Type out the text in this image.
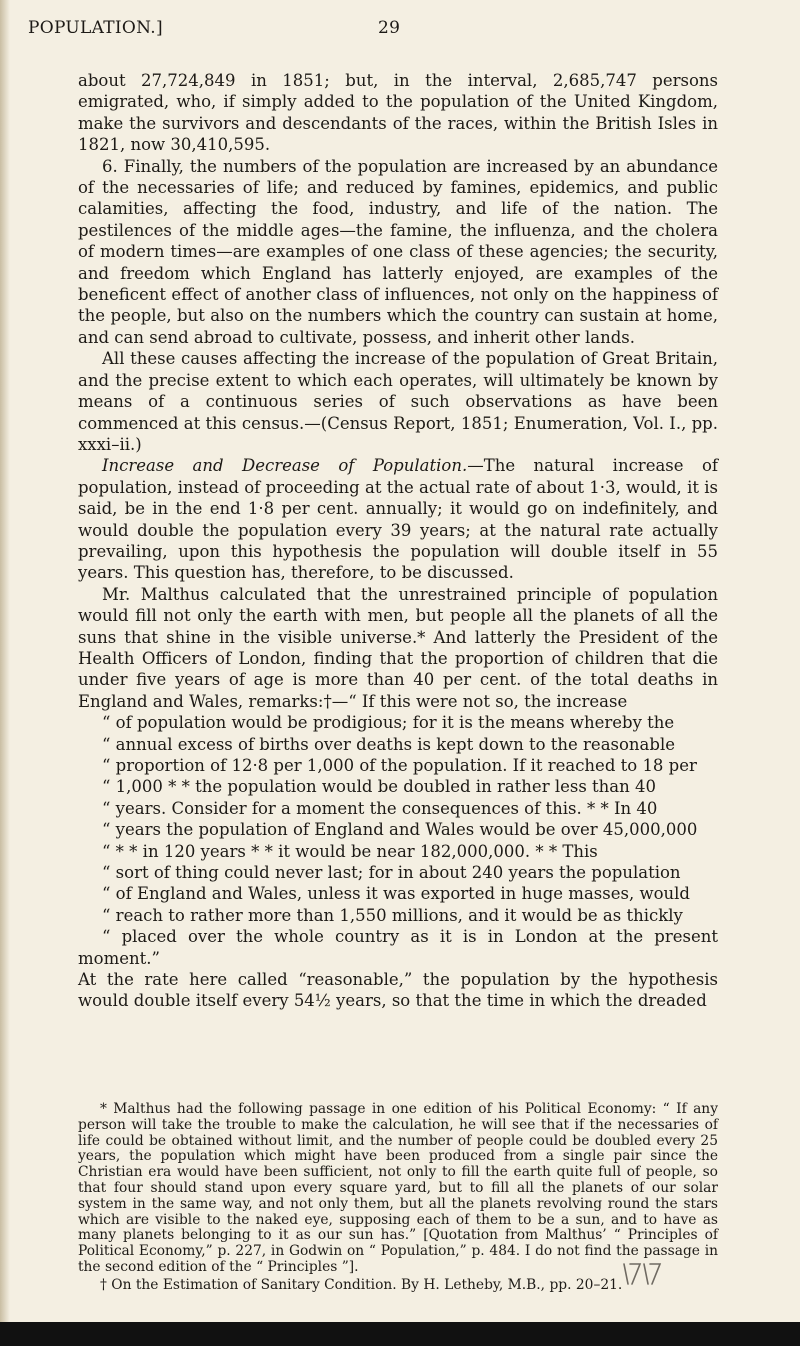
POPULATION.]	29

about 27,724,849 in 1851; but, in the interval, 2,685,747 persons emigrated, who, if simply added to the population of the United Kingdom, make the survivors and descendants of the races, within the British Isles in 1821, now 30,410,595.

6. Finally, the numbers of the population are increased by an abundance of the necessaries of life; and reduced by famines, epidemics, and public calamities, affecting the food, industry, and life of the nation. The pestilences of the middle ages—the famine, the influenza, and the cholera of modern times—are examples of one class of these agencies; the security, and freedom which England has latterly enjoyed, are examples of the beneficent effect of another class of influences, not only on the happiness of the people, but also on the numbers which the country can sustain at home, and can send abroad to cultivate, possess, and inherit other lands.

All these causes affecting the increase of the population of Great Britain, and the precise extent to which each operates, will ultimately be known by means of a continuous series of such observations as have been commenced at this census.—(Census Report, 1851; Enumeration, Vol. I., pp. xxxi–ii.)

Increase and Decrease of Population.—The natural increase of population, instead of proceeding at the actual rate of about 1·3, would, it is said, be in the end 1·8 per cent. annually; it would go on indefinitely, and would double the population every 39 years; at the natural rate actually prevailing, upon this hypothesis the population will double itself in 55 years. This question has, therefore, to be discussed.

Mr. Malthus calculated that the unrestrained principle of population would fill not only the earth with men, but people all the planets of all the suns that shine in the visible universe.* And latterly the President of the Health Officers of London, finding that the proportion of children that die under five years of age is more than 40 per cent. of the total deaths in England and Wales, remarks:†—“ If this were not so, the increase
“ of population would be prodigious; for it is the means whereby the
“ annual excess of births over deaths is kept down to the reasonable
“ proportion of 12·8 per 1,000 of the population. If it reached to 18 per
“ 1,000 * * the population would be doubled in rather less than 40
“ years. Consider for a moment the consequences of this. * * In 40
“ years the population of England and Wales would be over 45,000,000
“ * * in 120 years * * it would be near 182,000,000. * * This
“ sort of thing could never last; for in about 240 years the population
“ of England and Wales, unless it was exported in huge masses, would
“ reach to rather more than 1,550 millions, and it would be as thickly
“ placed over the whole country as it is in London at the present moment.”
At the rate here called “reasonable,” the population by the hypothesis would double itself every 54½ years, so that the time in which the dreaded

* Malthus had the following passage in one edition of his Political Economy: “ If any person will take the trouble to make the calculation, he will see that if the necessaries of life could be obtained without limit, and the number of people could be doubled every 25 years, the population which might have been produced from a single pair since the Christian era would have been sufficient, not only to fill the earth quite full of people, so that four should stand upon every square yard, but to fill all the planets of our solar system in the same way, and not only them, but all the planets revolving round the stars which are visible to the naked eye, supposing each of them to be a sun, and to have as many planets belonging to it as our sun has.” [Quotation from Malthus’ “ Principles of Political Economy,” p. 227, in Godwin on “ Population,” p. 484. I do not find the passage in the second edition of the “ Principles ”].

† On the Estimation of Sanitary Condition. By H. Letheby, M.B., pp. 20–21.
